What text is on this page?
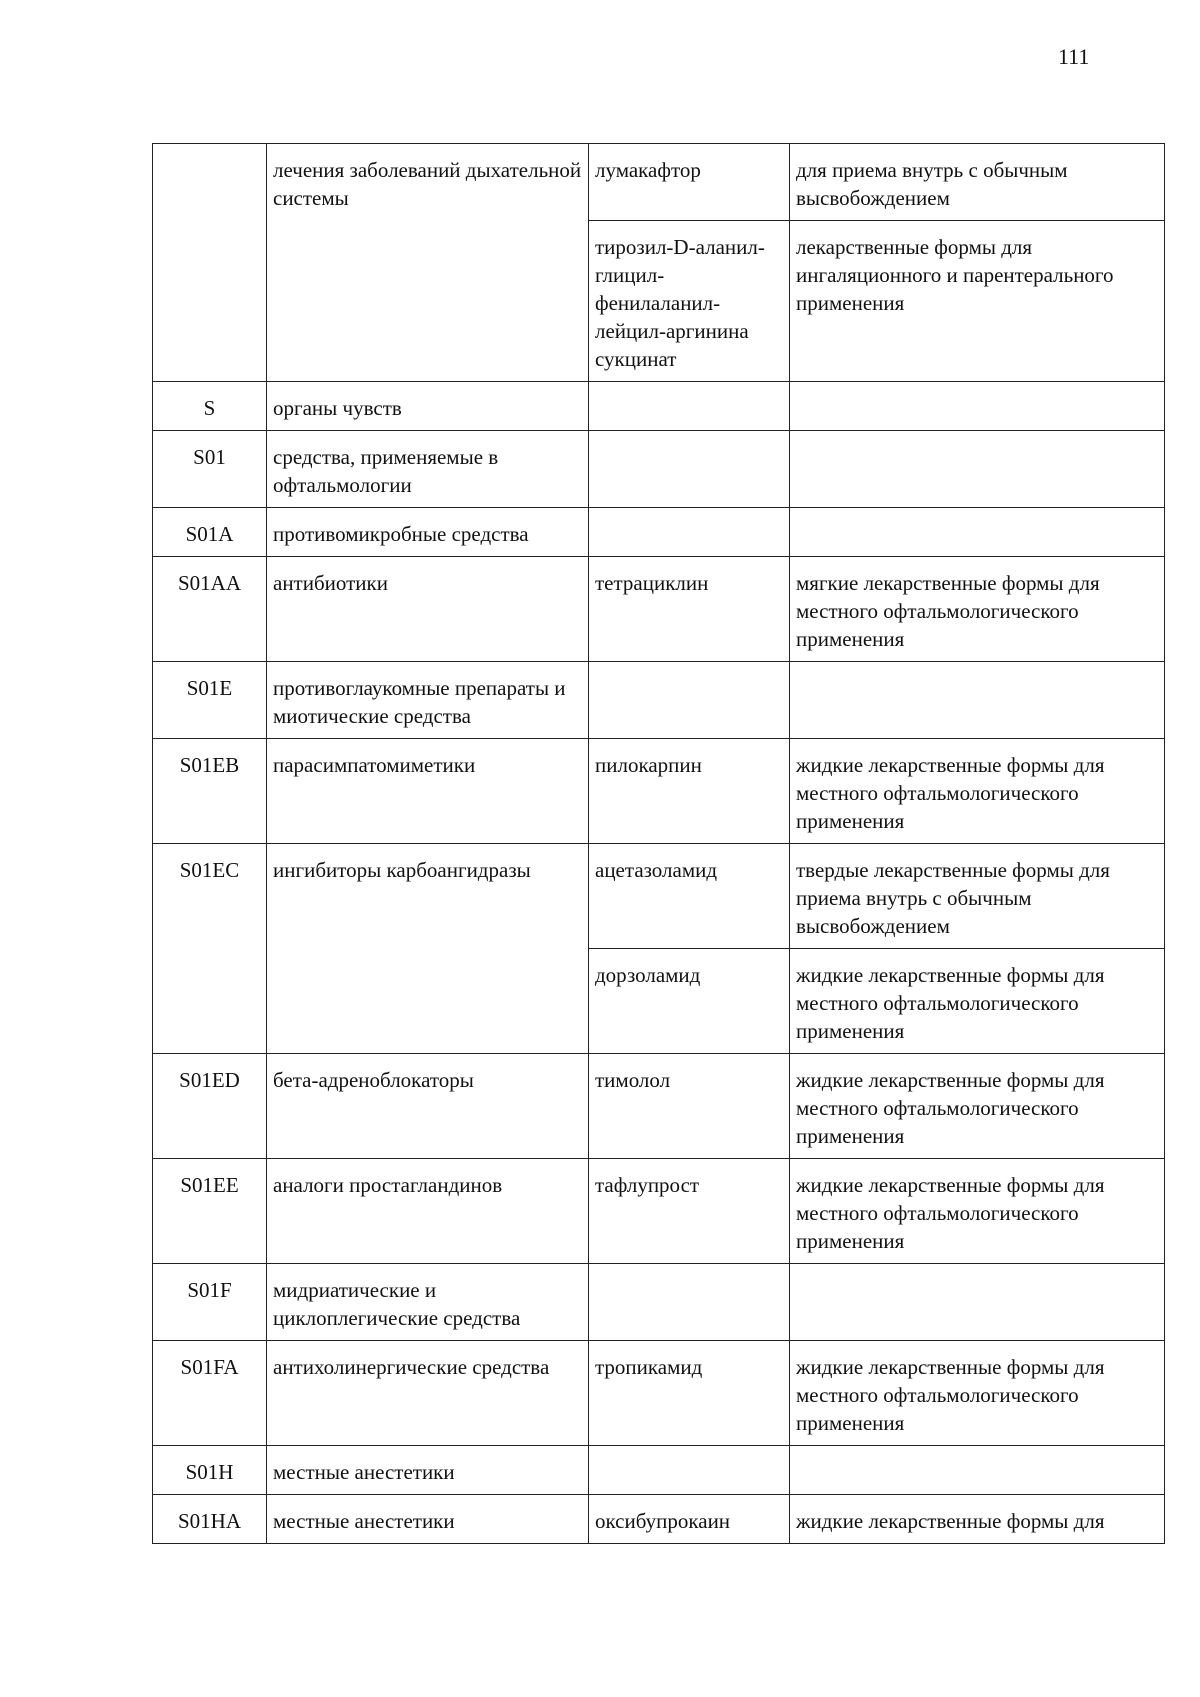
111
	лечения заболеваний дыхательной системы	лумакафтор	для приема внутрь с обычным высвобождением
		тирозил-D-аланил-глицил-фенилаланил-лейцил-аргинина сукцинат	лекарственные формы для ингаляционного и парентерального применения
S	органы чувств		
S01	средства, применяемые в офтальмологии		
S01A	противомикробные средства		
S01AA	антибиотики	тетрациклин	мягкие лекарственные формы для местного офтальмологического применения
S01E	противоглаукомные препараты и миотические средства		
S01EB	парасимпатомиметики	пилокарпин	жидкие лекарственные формы для местного офтальмологического применения
S01EC	ингибиторы карбоангидразы	ацетазоламид	твердые лекарственные формы для приема внутрь с обычным высвобождением
		дорзоламид	жидкие лекарственные формы для местного офтальмологического применения
S01ED	бета-адреноблокаторы	тимолол	жидкие лекарственные формы для местного офтальмологического применения
S01EE	аналоги простагландинов	тафлупрост	жидкие лекарственные формы для местного офтальмологического применения
S01F	мидриатические и циклоплегические средства		
S01FA	антихолинергические средства	тропикамид	жидкие лекарственные формы для местного офтальмологического применения
S01H	местные анестетики		
S01HA	местные анестетики	оксибупрокаин	жидкие лекарственные формы для
